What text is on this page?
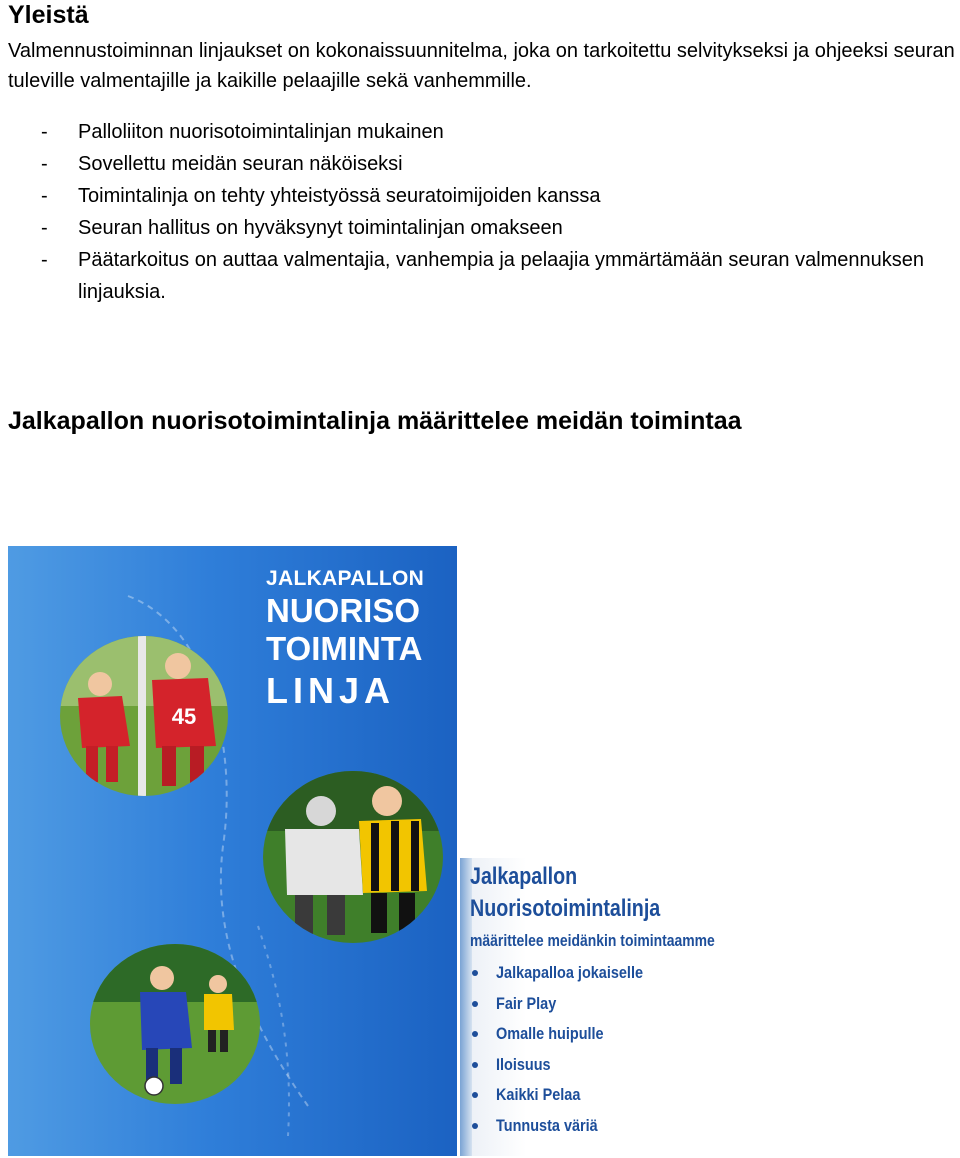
Yleistä

Valmennustoiminnan linjaukset on kokonaissuunnitelma, joka on tarkoitettu selvitykseksi ja ohjeeksi seuran tuleville valmentajille ja kaikille pelaajille sekä vanhemmille.

- Palloliiton nuorisotoimintalinjan mukainen
- Sovellettu meidän seuran näköiseksi
- Toimintalinja on tehty yhteistyössä seuratoimijoiden kanssa
- Seuran hallitus on hyväksynyt toimintalinjan omakseen
- Päätarkoitus on auttaa valmentajia, vanhempia ja pelaajia ymmärtämään seuran valmennuksen linjauksia.
Jalkapallon nuorisotoimintalinja määrittelee meidän toimintaa
JALKAPALLON
NUORISO
TOIMINTA
LINJA
45
Jalkapallon
Nuorisotoimintalinja
määrittelee meidänkin toimintaamme
Jalkapalloa jokaiselle
Fair Play
Omalle huipulle
Iloisuus
Kaikki Pelaa
Tunnusta väriä
